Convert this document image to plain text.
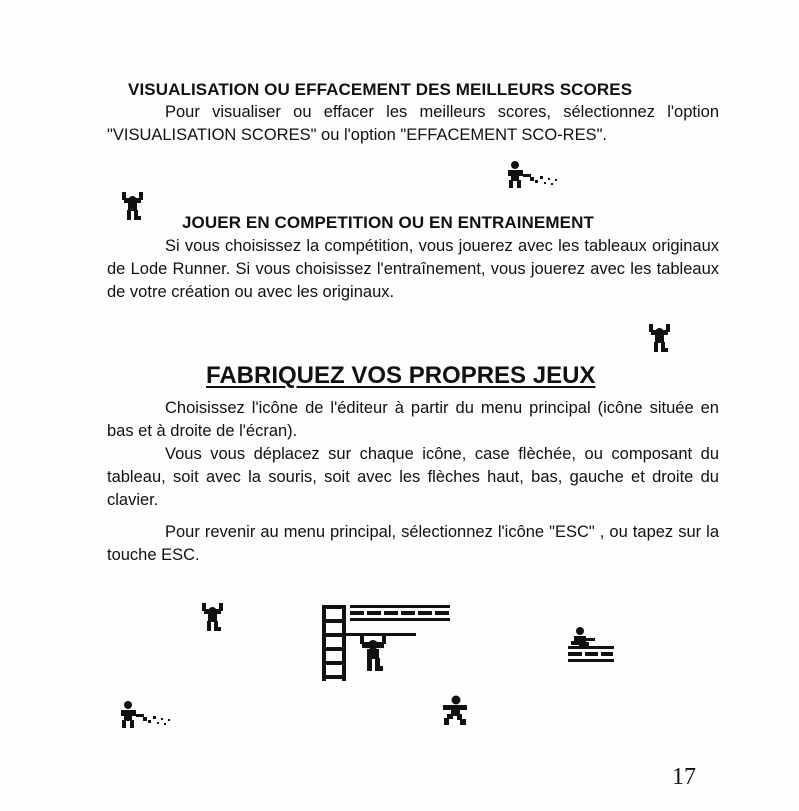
VISUALISATION OU EFFACEMENT DES MEILLEURS SCORES
Pour visualiser ou effacer les meilleurs scores, sélectionnez l'option "VISUALISATION SCORES" ou l'option "EFFACEMENT SCO-RES".
JOUER EN COMPETITION OU EN ENTRAINEMENT
Si vous choisissez la compétition, vous jouerez avec les tableaux originaux de Lode Runner. Si vous choisissez l'entraînement, vous jouerez avec les tableaux de votre création ou avec les originaux.
FABRIQUEZ VOS PROPRES JEUX
Choisissez l'icône de l'éditeur à partir du menu principal (icône située en bas et à droite de l'écran).
Vous vous déplacez sur chaque icône, case flèchée, ou composant du tableau, soit avec la souris, soit avec les flèches haut, bas, gauche et droite du clavier.
Pour revenir au menu principal, sélectionnez l'icône "ESC" , ou tapez sur la touche ESC.
17
